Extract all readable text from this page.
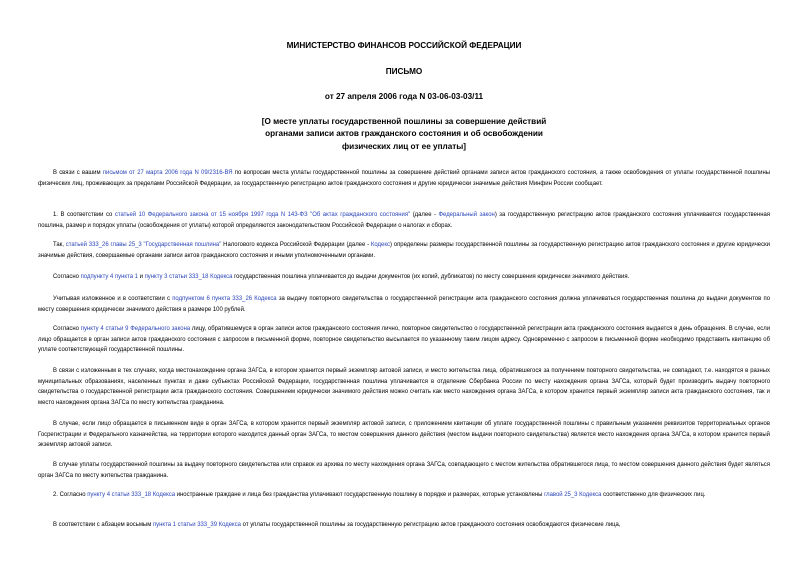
МИНИСТЕРСТВО ФИНАНСОВ РОССИЙСКОЙ ФЕДЕРАЦИИ
ПИСЬМО
от 27 апреля 2006 года N 03-06-03-03/11
[О месте уплаты государственной пошлины за совершение действий
органами записи актов гражданского состояния и об освобождении
физических лиц от ее уплаты]

В связи с вашим письмом от 27 марта 2006 года N 09/2316-ВЯ по вопросам места уплаты государственной пошлины за совершение действий органами записи актов гражданского состояния, а также освобождения от уплаты государственной пошлины физических лиц, проживающих за пределами Российской Федерации, за государственную регистрацию актов гражданского состояния и другие юридически значимые действия Минфин России сообщает.

1. В соответствии со статьей 10 Федерального закона от 15 ноября 1997 года N 143-ФЗ "Об актах гражданского состояния" (далее - Федеральный закон) за государственную регистрацию актов гражданского состояния уплачивается государственная пошлина, размер и порядок уплаты (освобождения от уплаты) которой определяются законодательством Российской Федерации о налогах и сборах.

Так, статьей 333_26 главы 25_3 "Государственная пошлина" Налогового кодекса Российской Федерации (далее - Кодекс) определены размеры государственной пошлины за государственную регистрацию актов гражданского состояния и другие юридически значимые действия, совершаемые органами записи актов гражданского состояния и иными уполномоченными органами.

Согласно подпункту 4 пункта 1 и пункту 3 статьи 333_18 Кодекса государственная пошлина уплачивается до выдачи документов (их копий, дубликатов) по месту совершения юридически значимого действия.

Учитывая изложенное и в соответствии с подпунктом 6 пункта 333_26 Кодекса за выдачу повторного свидетельства о государственной регистрации акта гражданского состояния должна уплачиваться государственная пошлина до выдачи документов по месту совершения юридически значимого действия в размере 100 рублей.

Согласно пункту 4 статьи 9 Федерального закона лицу, обратившемуся в орган записи актов гражданского состояния лично, повторное свидетельство о государственной регистрации акта гражданского состояния выдается в день обращения. В случае, если лицо обращается в орган записи актов гражданского состояния с запросом в письменной форме, повторное свидетельство высылается по указанному таким лицом адресу. Одновременно с запросом в письменной форме необходимо представить квитанцию об уплате соответствующей государственной пошлины.

В связи с изложенным в тех случаях, когда местонахождение органа ЗАГСа, в котором хранится первый экземпляр актовой записи, и место жительства лица, обратившегося за получением повторного свидетельства, не совпадают, т.е. находятся в разных муниципальных образованиях, населенных пунктах и даже субъектах Российской Федерации, государственная пошлина уплачивается в отделение Сбербанка России по месту нахождения органа ЗАГСа, который будет производить выдачу повторного свидетельства о государственной регистрации акта гражданского состояния. Совершением юридически значимого действия можно считать как место нахождения органа ЗАГСа, в котором хранится первый экземпляр записи акта гражданского состояния, так и место нахождения органа ЗАГСа по месту жительства гражданина.

В случае, если лицо обращается в письменном виде в орган ЗАГСа, в котором хранится первый экземпляр актовой записи, с приложением квитанции об уплате государственной пошлины с правильным указанием реквизитов территориальных органов Госрегистрации и Федерального казначейства, на территории которого находится данный орган ЗАГСа, то местом совершения данного действия (местом выдачи повторного свидетельства) является место нахождения органа ЗАГСа, в котором хранится первый экземпляр актовой записи.

В случае уплаты государственной пошлины за выдачу повторного свидетельства или справок из архива по месту нахождения органа ЗАГСа, совпадающего с местом жительства обратившегося лица, то местом совершения данного действия будет являться орган ЗАГСа по месту жительства гражданина.

2. Согласно пункту 4 статьи 333_18 Кодекса иностранные граждане и лица без гражданства уплачивают государственную пошлину в порядке и размерах, которые установлены главой 25_3 Кодекса соответственно для физических лиц.

В соответствии с абзацем восьмым пункта 1 статьи 333_39 Кодекса от уплаты государственной пошлины за государственную регистрацию актов гражданского состояния освобождаются физические лица,
